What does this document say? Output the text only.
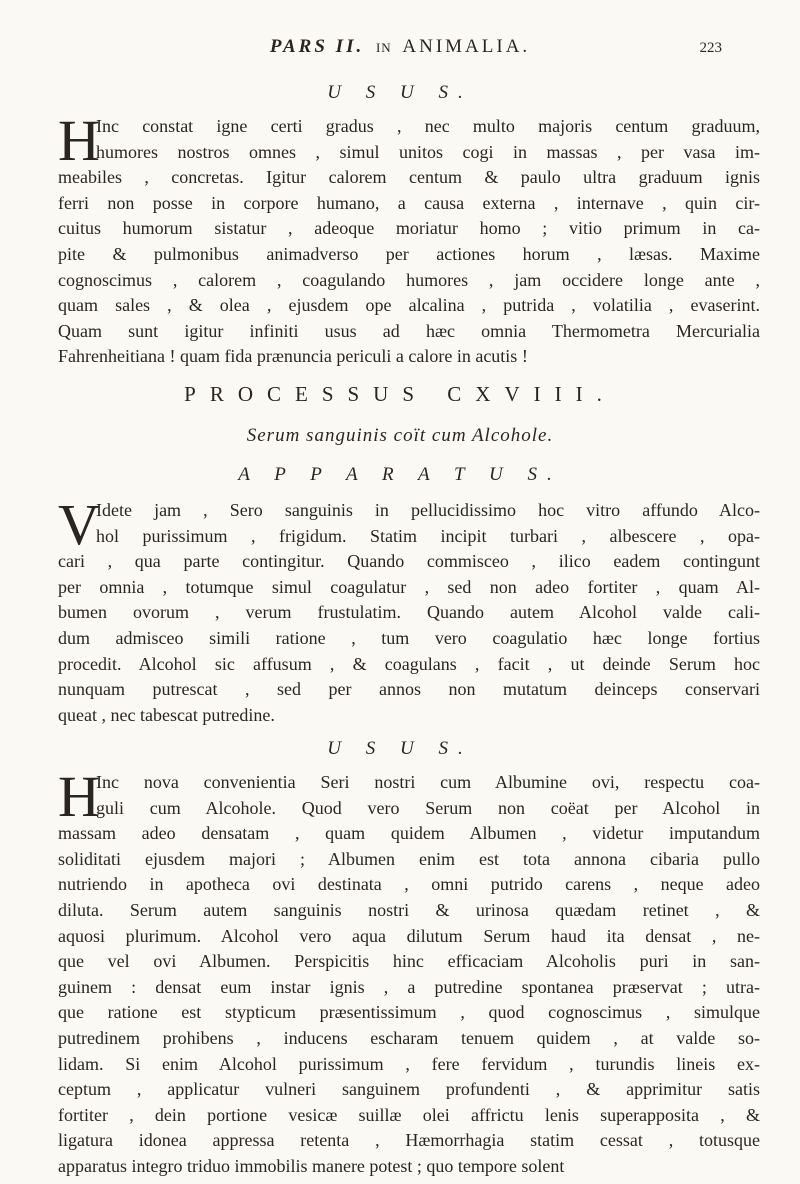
PARS II. IN ANIMALIA.	223
U S U S.
H
Inc constat igne certi gradus , nec multo majoris centum graduum,
humores nostros omnes , simul unitos cogi in massas , per vasa im-
meabiles , concretas. Igitur calorem centum & paulo ultra graduum ignis
ferri non posse in corpore humano, a causa externa , internave , quin cir-
cuitus humorum sistatur , adeoque moriatur homo ; vitio primum in ca-
pite & pulmonibus animadverso per actiones horum , læsas. Maxime
cognoscimus , calorem , coagulando humores , jam occidere longe ante ,
quam sales , & olea , ejusdem ope alcalina , putrida , volatilia , evaserint.
Quam sunt igitur infiniti usus ad hæc omnia Thermometra Mercurialia
Fahrenheitiana ! quam fida prænuncia periculi a calore in acutis !
PROCESSUS CXVIII.
Serum sanguinis coït cum Alcohole.
A P P A R A T U S.
V
Idete jam , Sero sanguinis in pellucidissimo hoc vitro affundo Alco-
hol purissimum , frigidum. Statim incipit turbari , albescere , opa-
cari , qua parte contingitur. Quando commisceo , ilico eadem contingunt
per omnia , totumque simul coagulatur , sed non adeo fortiter , quam Al-
bumen ovorum , verum frustulatim. Quando autem Alcohol valde cali-
dum admisceo simili ratione , tum vero coagulatio hæc longe fortius
procedit. Alcohol sic affusum , & coagulans , facit , ut deinde Serum hoc
nunquam putrescat , sed per annos non mutatum deinceps conservari
queat , nec tabescat putredine.
U S U S.
H
Inc nova convenientia Seri nostri cum Albumine ovi, respectu coa-
guli cum Alcohole. Quod vero Serum non coëat per Alcohol in
massam adeo densatam , quam quidem Albumen , videtur imputandum
soliditati ejusdem majori ; Albumen enim est tota annona cibaria pullo
nutriendo in apotheca ovi destinata , omni putrido carens , neque adeo
diluta. Serum autem sanguinis nostri & urinosa quædam retinet , &
aquosi plurimum. Alcohol vero aqua dilutum Serum haud ita densat , ne-
que vel ovi Albumen. Perspicitis hinc efficaciam Alcoholis puri in san-
guinem : densat eum instar ignis , a putredine spontanea præservat ; utra-
que ratione est stypticum præsentissimum , quod cognoscimus , simulque
putredinem prohibens , inducens escharam tenuem quidem , at valde so-
lidam. Si enim Alcohol purissimum , fere fervidum , turundis lineis ex-
ceptum , applicatur vulneri sanguinem profundenti , & apprimitur satis
fortiter , dein portione vesicæ suillæ olei affrictu lenis superapposita , &
ligatura idonea appressa retenta , Hæmorrhagia statim cessat , totusque
apparatus integro triduo immobilis manere potest ; quo tempore solent
